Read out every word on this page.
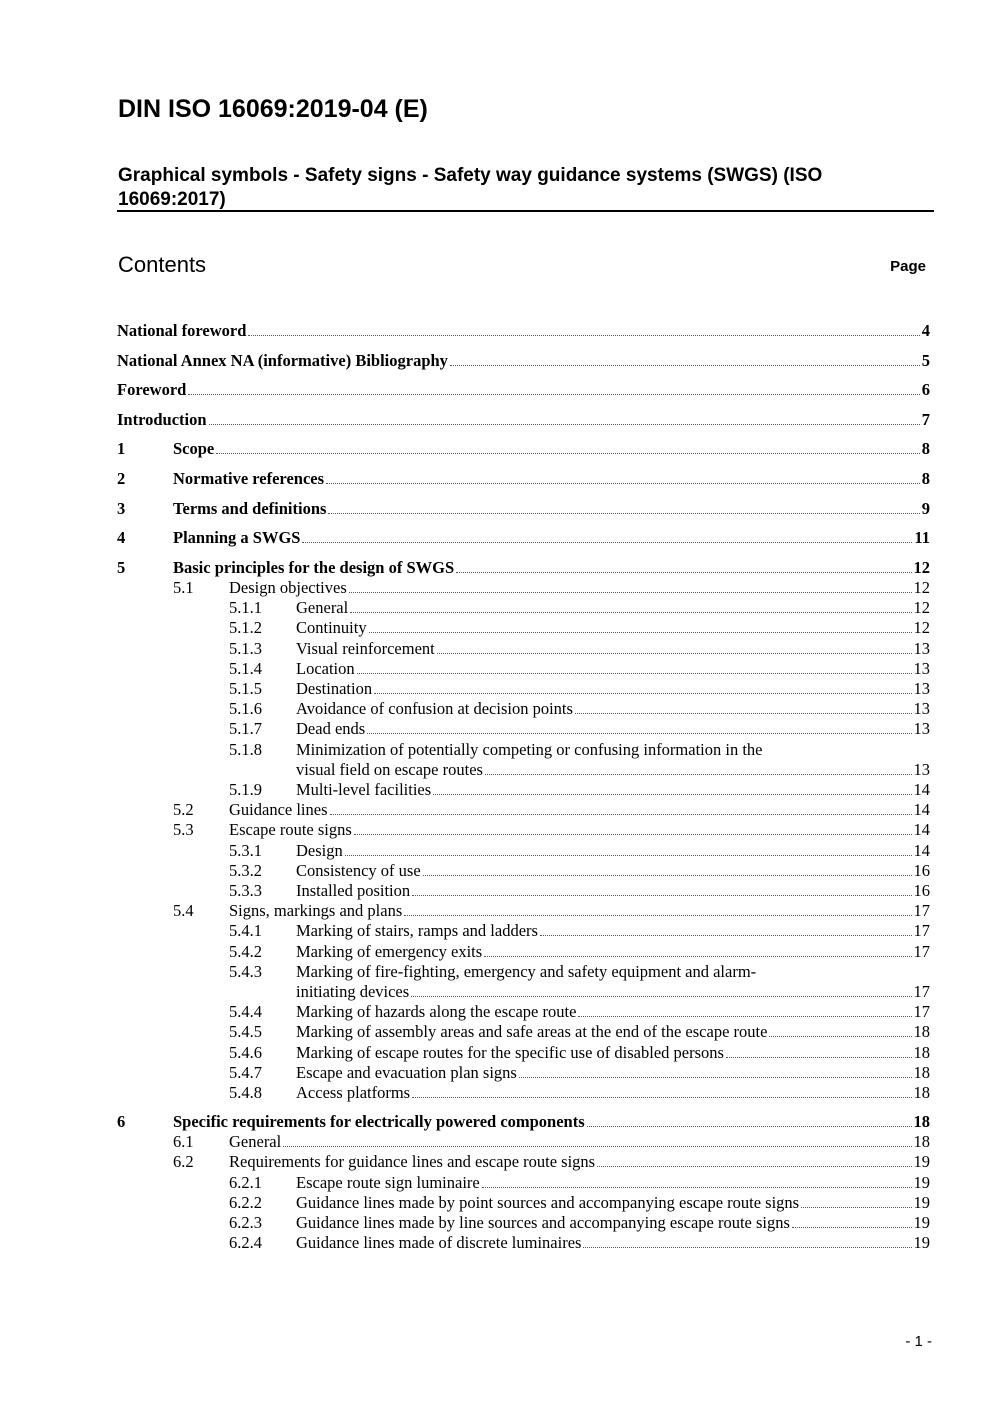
DIN ISO 16069:2019-04 (E)
Graphical symbols - Safety signs - Safety way guidance systems (SWGS) (ISO 16069:2017)
Contents	Page
National foreword	4
National Annex NA (informative) Bibliography	5
Foreword	6
Introduction	7
1	Scope	8
2	Normative references	8
3	Terms and definitions	9
4	Planning a SWGS	11
5	Basic principles for the design of SWGS	12
5.1 Design objectives	12
5.1.1 General	12
5.1.2 Continuity	12
5.1.3 Visual reinforcement	13
5.1.4 Location	13
5.1.5 Destination	13
5.1.6 Avoidance of confusion at decision points	13
5.1.7 Dead ends	13
5.1.8 Minimization of potentially competing or confusing information in the
visual field on escape routes	13
5.1.9 Multi-level facilities	14
5.2 Guidance lines	14
5.3 Escape route signs	14
5.3.1 Design	14
5.3.2 Consistency of use	16
5.3.3 Installed position	16
5.4 Signs, markings and plans	17
5.4.1 Marking of stairs, ramps and ladders	17
5.4.2 Marking of emergency exits	17
5.4.3 Marking of fire-fighting, emergency and safety equipment and alarm-
initiating devices	17
5.4.4 Marking of hazards along the escape route	17
5.4.5 Marking of assembly areas and safe areas at the end of the escape route	18
5.4.6 Marking of escape routes for the specific use of disabled persons	18
5.4.7 Escape and evacuation plan signs	18
5.4.8 Access platforms	18
6	Specific requirements for electrically powered components	18
6.1 General	18
6.2 Requirements for guidance lines and escape route signs	19
6.2.1 Escape route sign luminaire	19
6.2.2 Guidance lines made by point sources and accompanying escape route signs	19
6.2.3 Guidance lines made by line sources and accompanying escape route signs	19
6.2.4 Guidance lines made of discrete luminaires	19
- 1 -
